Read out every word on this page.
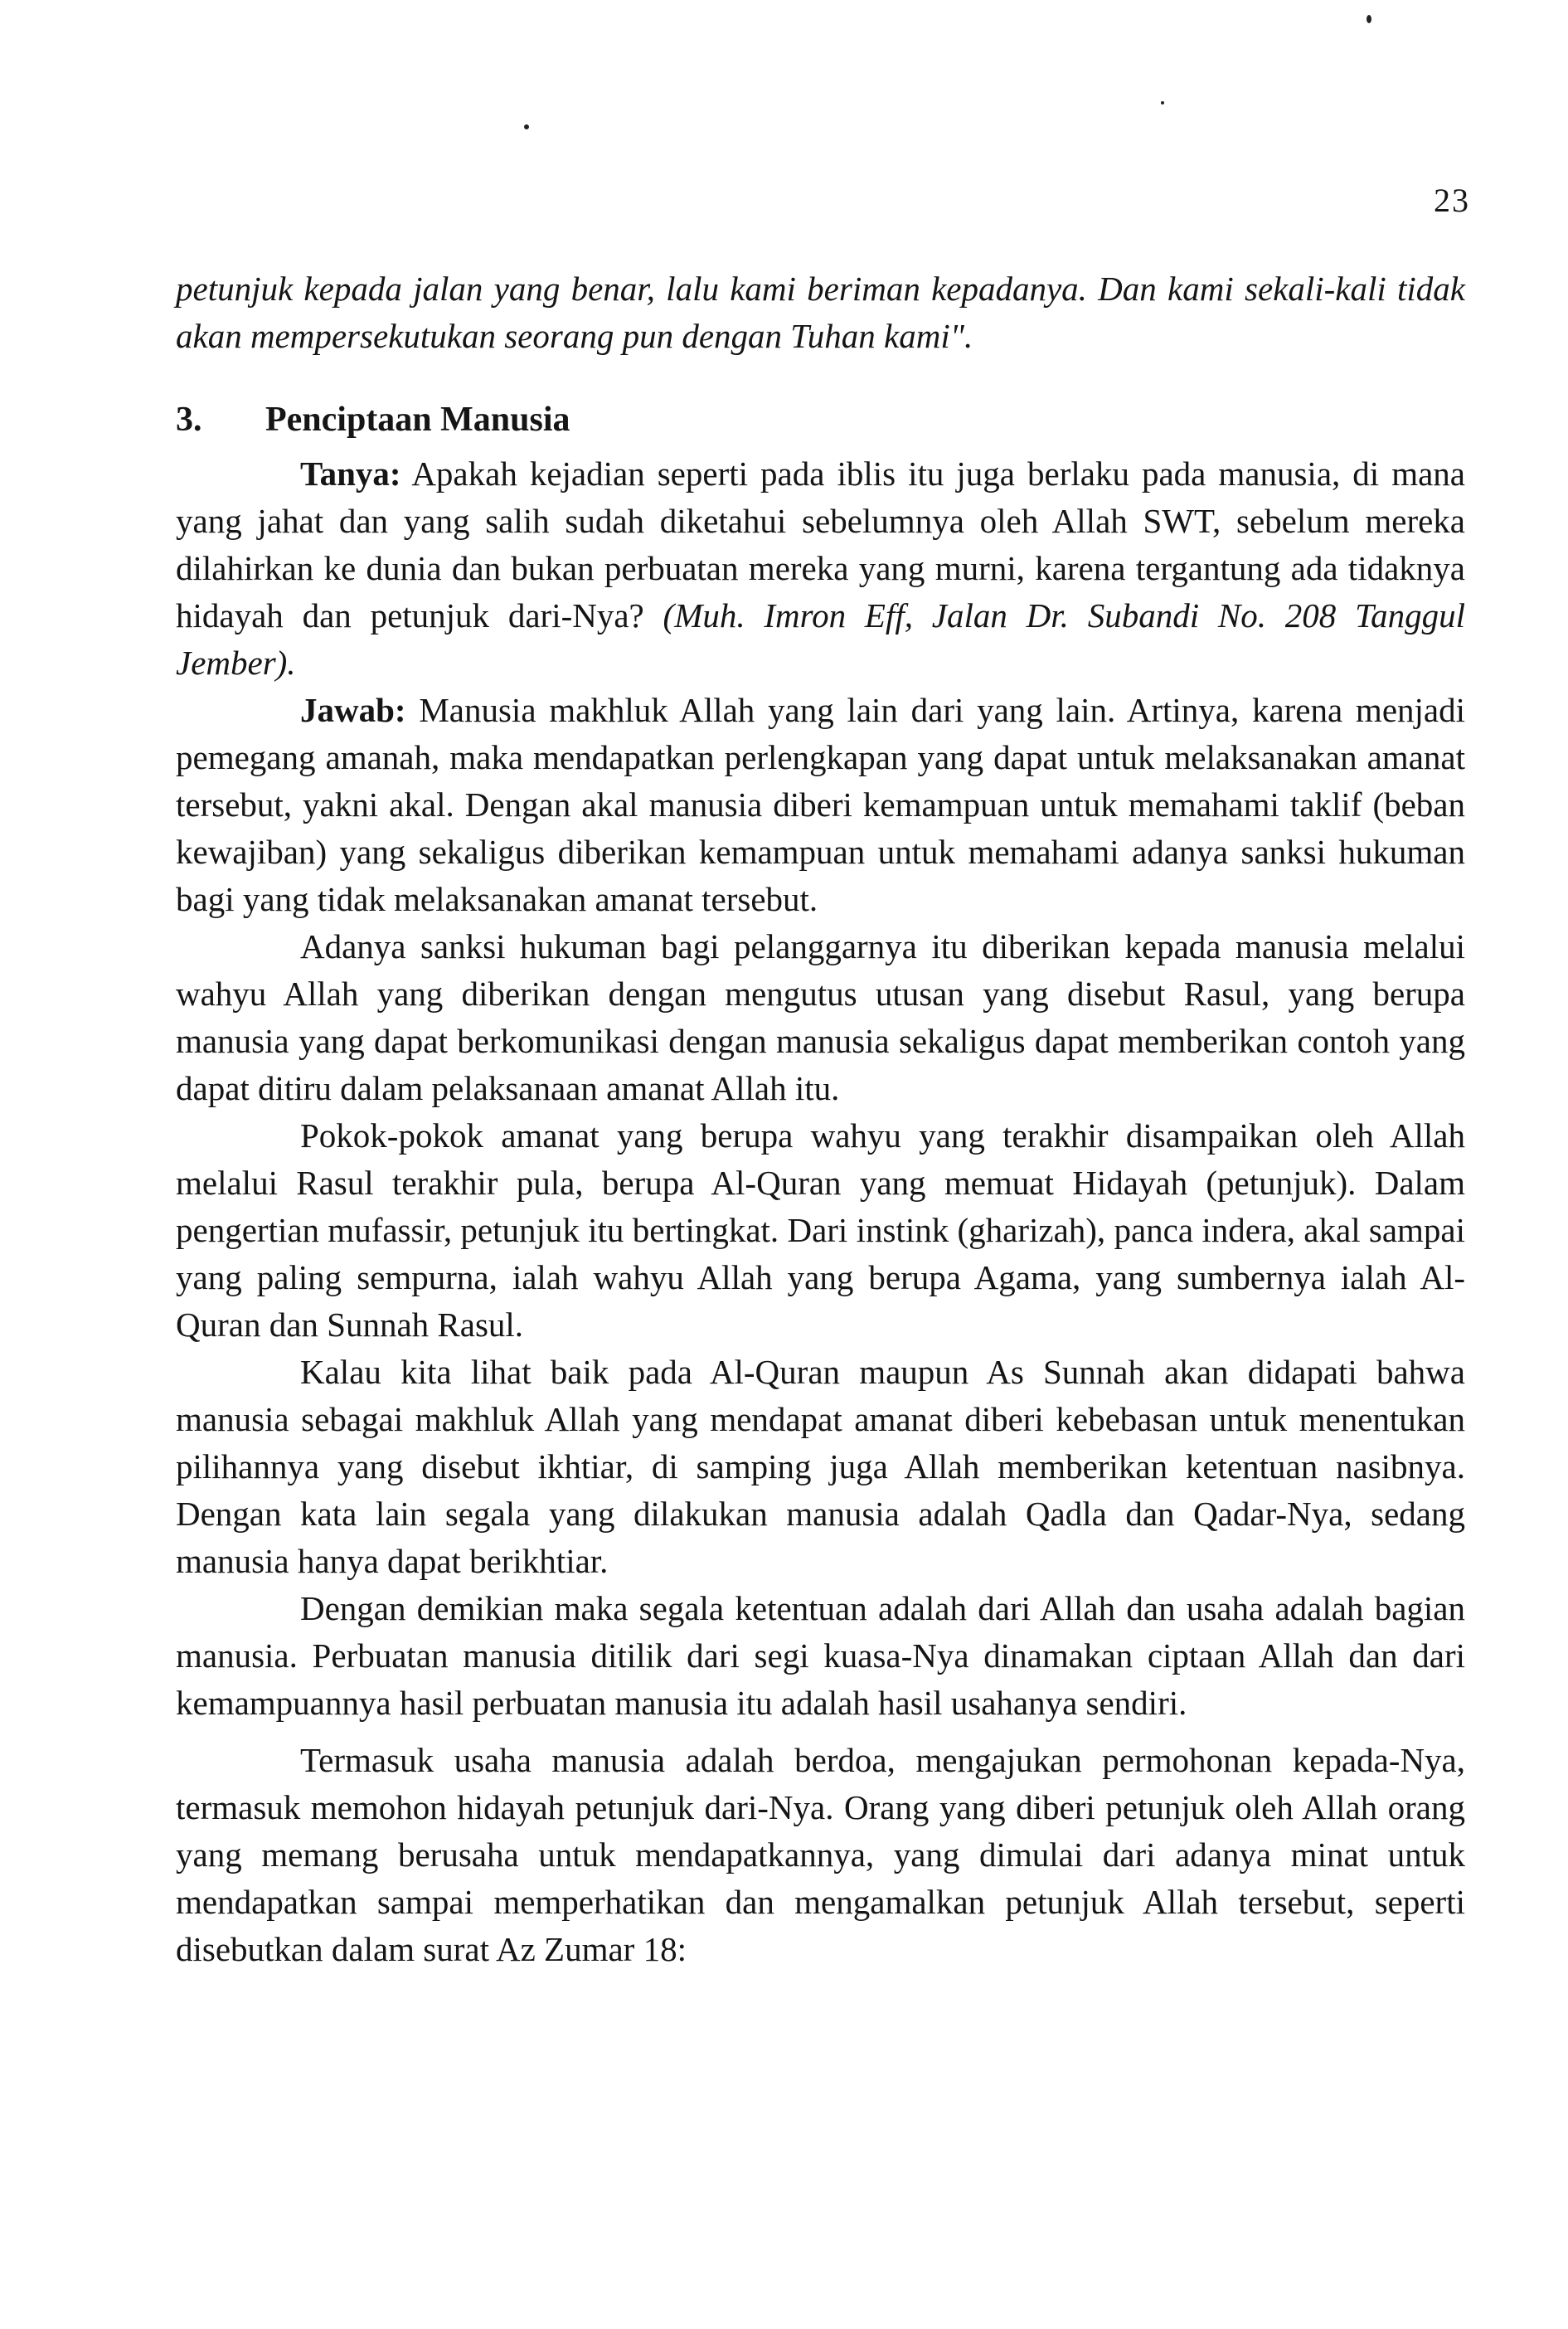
23

petunjuk kepada jalan yang benar, lalu kami beriman kepadanya. Dan kami sekali-kali tidak akan mempersekutukan seorang pun dengan Tuhan kami".

3. Penciptaan Manusia

Tanya: Apakah kejadian seperti pada iblis itu juga berlaku pada manusia, di mana yang jahat dan yang salih sudah diketahui sebelumnya oleh Allah SWT, sebelum mereka dilahirkan ke dunia dan bukan perbuatan mereka yang murni, karena tergantung ada tidaknya hidayah dan petunjuk dari-Nya? (Muh. Imron Eff, Jalan Dr. Subandi No. 208 Tanggul Jember).

Jawab: Manusia makhluk Allah yang lain dari yang lain. Artinya, karena menjadi pemegang amanah, maka mendapatkan perlengkapan yang dapat untuk melaksanakan amanat tersebut, yakni akal. Dengan akal manusia diberi kemampuan untuk memahami taklif (beban kewajiban) yang sekaligus diberikan kemampuan untuk memahami adanya sanksi hukuman bagi yang tidak melaksanakan amanat tersebut.

Adanya sanksi hukuman bagi pelanggarnya itu diberikan kepada manusia melalui wahyu Allah yang diberikan dengan mengutus utusan yang disebut Rasul, yang berupa manusia yang dapat berkomunikasi dengan manusia sekaligus dapat memberikan contoh yang dapat ditiru dalam pelaksanaan amanat Allah itu.

Pokok-pokok amanat yang berupa wahyu yang terakhir disampaikan oleh Allah melalui Rasul terakhir pula, berupa Al-Quran yang memuat Hidayah (petunjuk). Dalam pengertian mufassir, petunjuk itu bertingkat. Dari instink (gharizah), panca indera, akal sampai yang paling sempurna, ialah wahyu Allah yang berupa Agama, yang sumbernya ialah Al-Quran dan Sunnah Rasul.

Kalau kita lihat baik pada Al-Quran maupun As Sunnah akan didapati bahwa manusia sebagai makhluk Allah yang mendapat amanat diberi kebebasan untuk menentukan pilihannya yang disebut ikhtiar, di samping juga Allah memberikan ketentuan nasibnya. Dengan kata lain segala yang dilakukan manusia adalah Qadla dan Qadar-Nya, sedang manusia hanya dapat berikhtiar.

Dengan demikian maka segala ketentuan adalah dari Allah dan usaha adalah bagian manusia. Perbuatan manusia ditilik dari segi kuasa-Nya dinamakan ciptaan Allah dan dari kemampuannya hasil perbuatan manusia itu adalah hasil usahanya sendiri.

Termasuk usaha manusia adalah berdoa, mengajukan permohonan kepada-Nya, termasuk memohon hidayah petunjuk dari-Nya. Orang yang diberi petunjuk oleh Allah orang yang memang berusaha untuk mendapatkannya, yang dimulai dari adanya minat untuk mendapatkan sampai memperhatikan dan mengamalkan petunjuk Allah tersebut, seperti disebutkan dalam surat Az Zumar 18:
